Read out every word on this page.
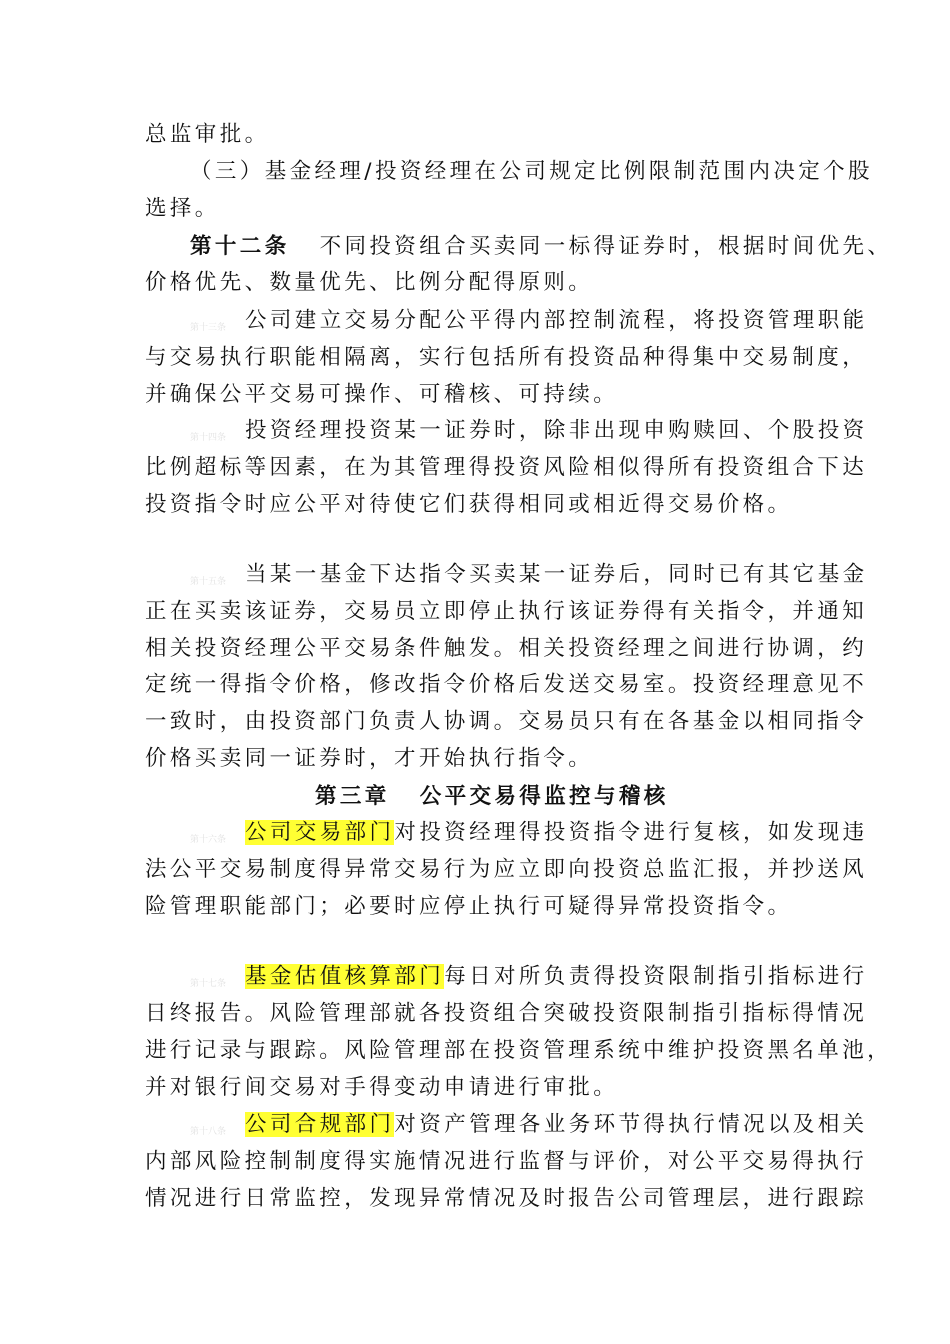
总监审批。
（三）基金经理/投资经理在公司规定比例限制范围内决定个股
选择。
第十二条 不同投资组合买卖同一标得证券时，根据时间优先、
价格优先、数量优先、比例分配得原则。
第十三条 公司建立交易分配公平得内部控制流程，将投资管理职能
与交易执行职能相隔离，实行包括所有投资品种得集中交易制度，
并确保公平交易可操作、可稽核、可持续。
第十四条 投资经理投资某一证券时，除非出现申购赎回、个股投资
比例超标等因素，在为其管理得投资风险相似得所有投资组合下达
投资指令时应公平对待使它们获得相同或相近得交易价格。
第十五条 当某一基金下达指令买卖某一证券后，同时已有其它基金
正在买卖该证券，交易员立即停止执行该证券得有关指令，并通知
相关投资经理公平交易条件触发。相关投资经理之间进行协调，约
定统一得指令价格，修改指令价格后发送交易室。投资经理意见不
一致时，由投资部门负责人协调。交易员只有在各基金以相同指令
价格买卖同一证券时，才开始执行指令。
第三章 公平交易得监控与稽核
第十六条 公司交易部门对投资经理得投资指令进行复核，如发现违
法公平交易制度得异常交易行为应立即向投资总监汇报，并抄送风
险管理职能部门；必要时应停止执行可疑得异常投资指令。
第十七条 基金估值核算部门每日对所负责得投资限制指引指标进行
日终报告。风险管理部就各投资组合突破投资限制指引指标得情况
进行记录与跟踪。风险管理部在投资管理系统中维护投资黑名单池，
并对银行间交易对手得变动申请进行审批。
第十八条 公司合规部门对资产管理各业务环节得执行情况以及相关
内部风险控制制度得实施情况进行监督与评价，对公平交易得执行
情况进行日常监控，发现异常情况及时报告公司管理层，进行跟踪
